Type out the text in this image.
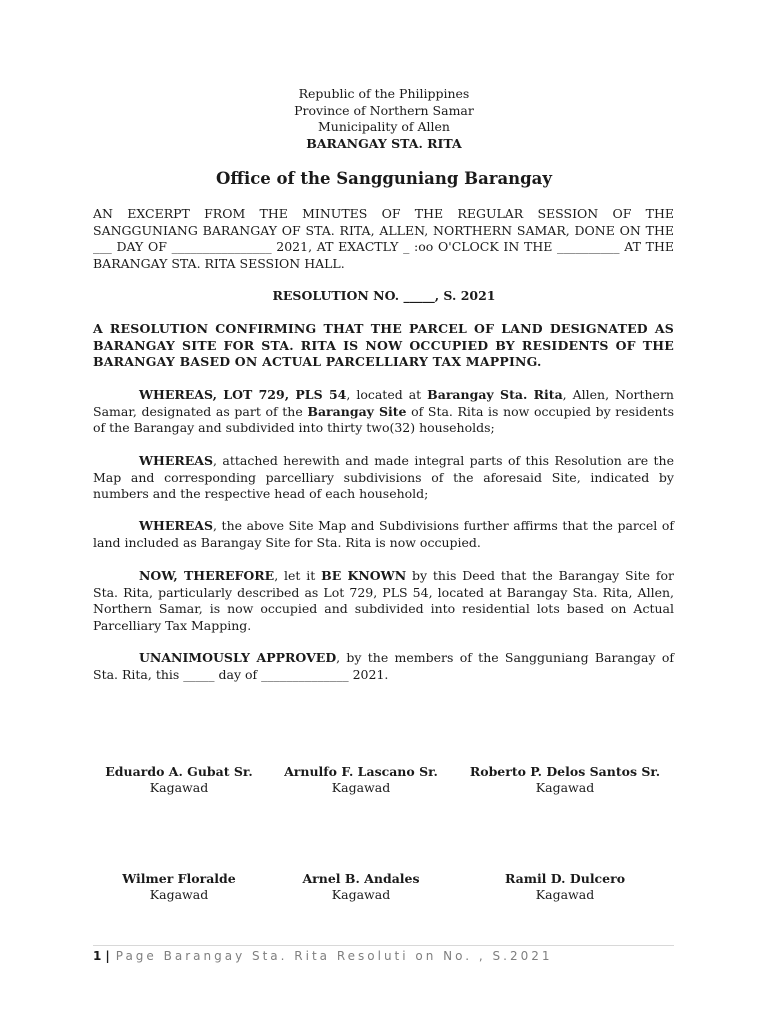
Republic of the Philippines
Province of Northern Samar
Municipality of Allen
BARANGAY STA. RITA
Office of the Sangguniang Barangay
AN EXCERPT FROM THE MINUTES OF THE REGULAR SESSION OF THE SANGGUNIANG BARANGAY OF STA. RITA, ALLEN, NORTHERN SAMAR, DONE ON THE ___ DAY OF ________________ 2021, AT EXACTLY _ :oo O'CLOCK IN THE __________ AT THE BARANGAY STA. RITA SESSION HALL.
RESOLUTION NO. _____, S. 2021
A RESOLUTION CONFIRMING THAT THE PARCEL OF LAND DESIGNATED AS BARANGAY SITE FOR STA. RITA IS NOW OCCUPIED BY RESIDENTS OF THE BARANGAY BASED ON ACTUAL PARCELLIARY TAX MAPPING.
WHEREAS, LOT 729, PLS 54, located at Barangay Sta. Rita, Allen, Northern Samar, designated as part of the Barangay Site of Sta. Rita is now occupied by residents of the Barangay and subdivided into thirty two(32) households;
WHEREAS, attached herewith and made integral parts of this Resolution are the Map and corresponding parcelliary subdivisions of the aforesaid Site, indicated by numbers and the respective head of each household;
WHEREAS, the above Site Map and Subdivisions further affirms that the parcel of land included as Barangay Site for Sta. Rita is now occupied.
NOW, THEREFORE, let it BE KNOWN by this Deed that the Barangay Site for Sta. Rita, particularly described as Lot 729, PLS 54, located at Barangay Sta. Rita, Allen, Northern Samar, is now occupied and subdivided into residential lots based on Actual Parcelliary Tax Mapping.
UNANIMOUSLY APPROVED, by the members of the Sangguniang Barangay of Sta. Rita, this _____ day of ______________ 2021.
Eduardo A. Gubat Sr.
Kagawad
Arnulfo F. Lascano Sr.
Kagawad
Roberto P. Delos Santos Sr.
Kagawad
Wilmer Floralde
Kagawad
Arnel B. Andales
Kagawad
Ramil D. Dulcero
Kagawad
1 | Page Barangay Sta. Rita Resoluti on No. , S.2021
